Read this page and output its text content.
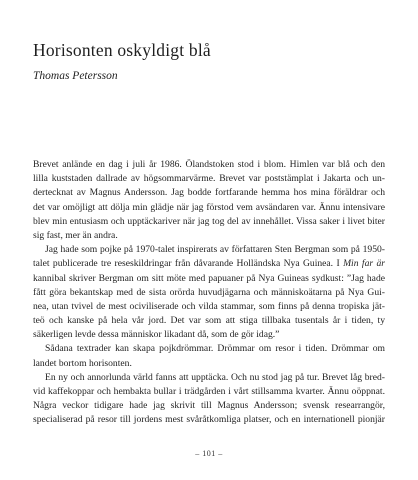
Horisonten oskyldigt blå

Thomas Petersson

Brevet anlände en dag i juli år 1986. Ölandstoken stod i blom. Himlen var blå och den
lilla kuststaden dallrade av högsommarvärme. Brevet var poststämplat i Jakarta och un-
dertecknat av Magnus Andersson. Jag bodde fortfarande hemma hos mina föräldrar och
det var omöjligt att dölja min glädje när jag förstod vem avsändaren var. Ännu intensivare
blev min entusiasm och upptäckariver när jag tog del av innehållet. Vissa saker i livet biter
sig fast, mer än andra.
Jag hade som pojke på 1970-talet inspirerats av författaren Sten Bergman som på 1950-
talet publicerade tre reseskildringar från dåvarande Holländska Nya Guinea. I Min far är
kannibal skriver Bergman om sitt möte med papuaner på Nya Guineas sydkust: ”Jag hade
fått göra bekantskap med de sista orörda huvudjägarna och människoätarna på Nya Gui-
nea, utan tvivel de mest ociviliserade och vilda stammar, som finns på denna tropiska jät-
teö och kanske på hela vår jord. Det var som att stiga tillbaka tusentals år i tiden, ty
säkerligen levde dessa människor likadant då, som de gör idag.”
Sådana textrader kan skapa pojkdrömmar. Drömmar om resor i tiden. Drömmar om
landet bortom horisonten.
En ny och annorlunda värld fanns att upptäcka. Och nu stod jag på tur. Brevet låg bred-
vid kaffekoppar och hembakta bullar i trädgården i vårt stillsamma kvarter. Ännu oöppnat.
Några veckor tidigare hade jag skrivit till Magnus Andersson; svensk researrangör,
specialiserad på resor till jordens mest svåråtkomliga platser, och en internationell pionjär
– 101 –
